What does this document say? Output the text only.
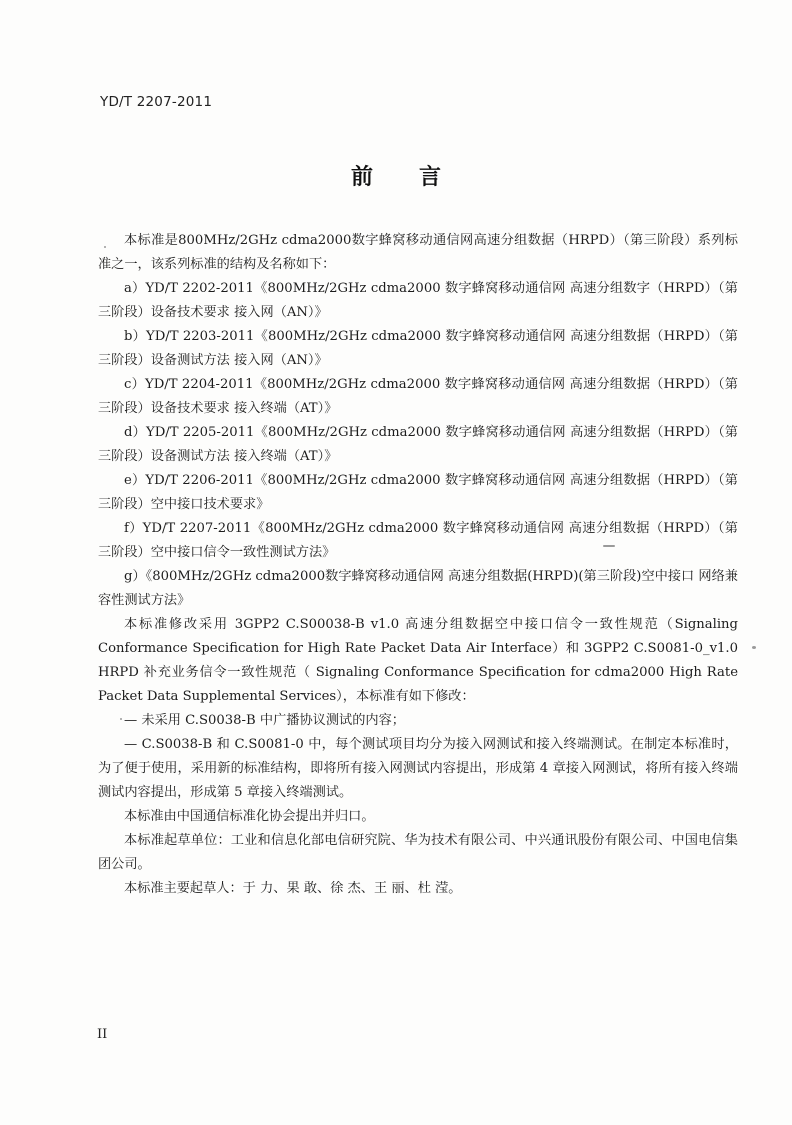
YD/T 2207-2011
前言

本标准是800MHz/2GHz cdma2000数字蜂窝移动通信网高速分组数据（HRPD）（第三阶段）系列标准之一，该系列标准的结构及名称如下：

a）YD/T 2202-2011《800MHz/2GHz cdma2000 数字蜂窝移动通信网 高速分组数字（HRPD）（第三阶段）设备技术要求 接入网（AN）》

b）YD/T 2203-2011《800MHz/2GHz cdma2000 数字蜂窝移动通信网 高速分组数据（HRPD）（第三阶段）设备测试方法 接入网（AN）》

c）YD/T 2204-2011《800MHz/2GHz cdma2000 数字蜂窝移动通信网 高速分组数据（HRPD）（第三阶段）设备技术要求 接入终端（AT）》

d）YD/T 2205-2011《800MHz/2GHz cdma2000 数字蜂窝移动通信网 高速分组数据（HRPD）（第三阶段）设备测试方法 接入终端（AT）》

e）YD/T 2206-2011《800MHz/2GHz cdma2000 数字蜂窝移动通信网 高速分组数据（HRPD）（第三阶段）空中接口技术要求》

f）YD/T 2207-2011《800MHz/2GHz cdma2000 数字蜂窝移动通信网 高速分组数据（HRPD）（第三阶段）空中接口信令一致性测试方法》

g）《800MHz/2GHz cdma2000数字蜂窝移动通信网 高速分组数据(HRPD)(第三阶段)空中接口 网络兼容性测试方法》

本标准修改采用 3GPP2 C.S00038-B v1.0 高速分组数据空中接口信令一致性规范（Signaling Conformance Specification for High Rate Packet Data Air Interface）和 3GPP2 C.S0081-0_v1.0 HRPD 补充业务信令一致性规范（ Signaling Conformance Specification for cdma2000 High Rate Packet Data Supplemental Services），本标准有如下修改：

— 未采用 C.S0038-B 中广播协议测试的内容；

— C.S0038-B 和 C.S0081-0 中，每个测试项目均分为接入网测试和接入终端测试。在制定本标准时，为了便于使用，采用新的标准结构，即将所有接入网测试内容提出，形成第 4 章接入网测试，将所有接入终端测试内容提出，形成第 5 章接入终端测试。

本标准由中国通信标准化协会提出并归口。

本标准起草单位：工业和信息化部电信研究院、华为技术有限公司、中兴通讯股份有限公司、中国电信集团公司。

本标准主要起草人：于 力、果 敢、徐 杰、王 丽、杜 滢。

II
